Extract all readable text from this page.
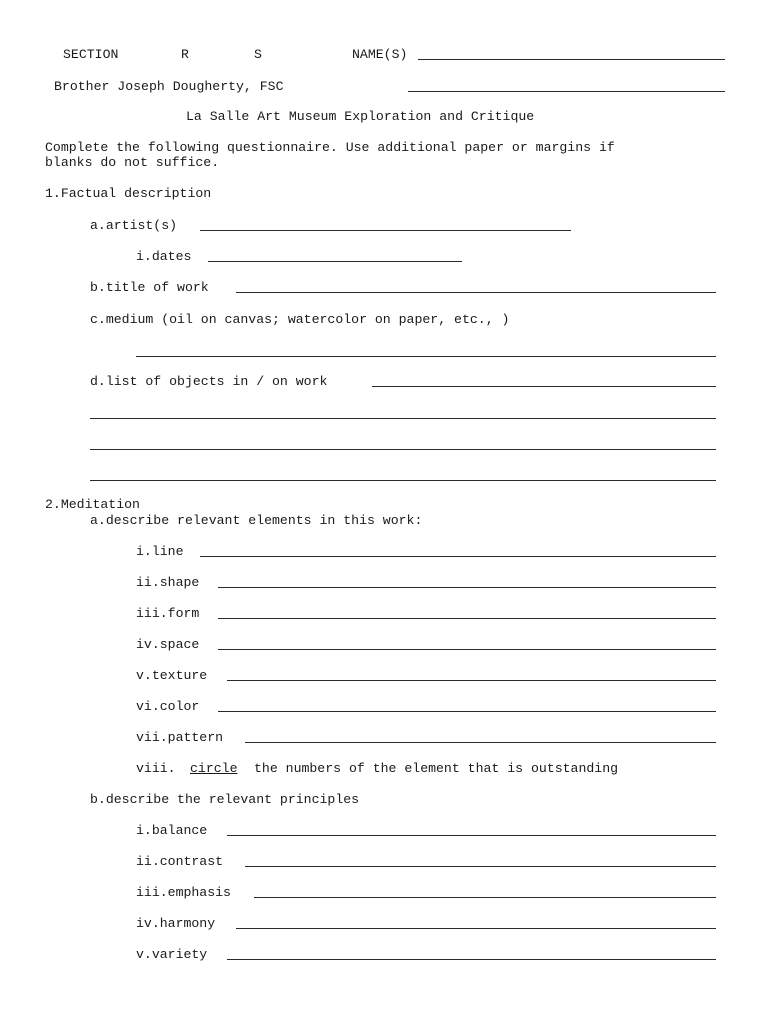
SECTION	R	S	NAME(S)
Brother Joseph Dougherty, FSC
La Salle Art Museum Exploration and Critique
Complete the following questionnaire. Use additional paper or margins if
blanks do not suffice.
1.Factual description
a.artist(s)
i.dates
b.title of work
c.medium (oil on canvas; watercolor on paper, etc., )
d.list of objects in / on work
2.Meditation
a.describe relevant elements in this work:
i.line
ii.shape
iii.form
iv.space
v.texture
vi.color
vii.pattern
viii. circle the numbers of the element that is outstanding
b.describe the relevant principles
i.balance
ii.contrast
iii.emphasis
iv.harmony
v.variety
